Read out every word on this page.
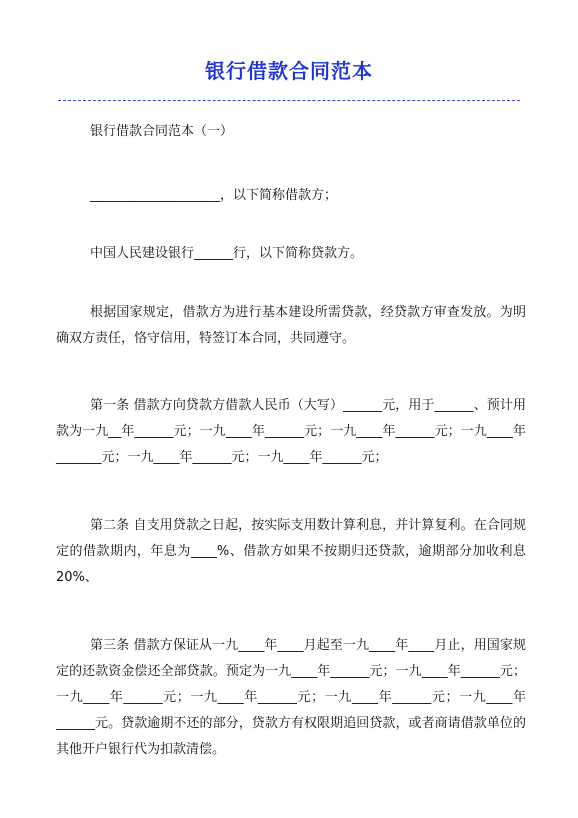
银行借款合同范本

银行借款合同范本（一）

____________________，以下简称借款方；

中国人民建设银行______行，以下简称贷款方。

根据国家规定，借款方为进行基本建设所需贷款，经贷款方审查发放。为明确双方责任，恪守信用，特签订本合同，共同遵守。

第一条 借款方向贷款方借款人民币（大写）______元，用于______、预计用款为一九__年______元；一九____年______元；一九____年______元；一九____年_______元；一九____年______元；一九____年______元；

第二条 自支用贷款之日起，按实际支用数计算利息，并计算复利。在合同规定的借款期内，年息为____%、借款方如果不按期归还贷款，逾期部分加收利息 20%、

第三条 借款方保证从一九____年____月起至一九____年____月止，用国家规定的还款资金偿还全部贷款。预定为一九____年______元；一九____年______元；一九____年______元；一九____年______元；一九____年______元；一九____年______元。贷款逾期不还的部分，贷款方有权限期追回贷款，或者商请借款单位的其他开户银行代为扣款清偿。
